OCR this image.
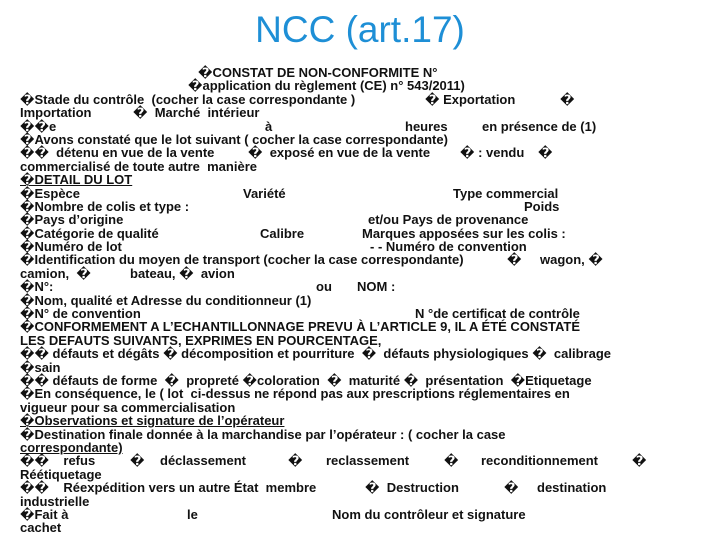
NCC (art.17)
�CONSTAT DE NON-CONFORMITE N°
�application du règlement (CE) n° 543/2011)
�Stade du contrôle  (cocher la case correspondante )	� Exportation	�
Importation	�  Marché  intérieur
��e	à	heures	en présence de (1)
�Avons constaté que le lot suivant ( cocher la case correspondante)
��  détenu en vue de la vente	�  exposé en vue de la vente � : vendu �
commercialisé de toute autre  manière
�DETAIL DU LOT
�Espèce	Variété	Type commercial
�Nombre de colis et type :	Poids
�Pays d’origine	et/ou Pays de provenance
�Catégorie de qualité	Calibre	Marques apposées sur les colis :
�Numéro de lot	- - Numéro de convention
�Identification du moyen de transport (cocher la case correspondante)	� wagon, �
camion,  �	bateau, �  avion
�N°:	ou NOM :
�Nom, qualité et Adresse du conditionneur (1)
�N° de convention	N °de certificat de contrôle
�CONFORMEMENT A L’ECHANTILLONNAGE PREVU À L’ARTICLE 9, IL A ÉTÉ CONSTATÉ
LES DEFAUTS SUIVANTS, EXPRIMES EN POURCENTAGE,
�� défauts et dégâts � décomposition et pourriture  �  défauts physiologiques �  calibrage
�sain
�� défauts de forme  �  propreté �coloration  �  maturité �  présentation  �Etiquetage
�En conséquence, le ( lot  ci-dessus ne répond pas aux prescriptions réglementaires en
vigueur pour sa commercialisation
�Observations et signature de l’opérateur
�Destination finale donnée à la marchandise par l’opérateur : ( cocher la case
correspondante)
��    refus	� déclassement	� reclassement	� reconditionnement	�
Réétiquetage
��    Réexpédition vers un autre État  membre	�  Destruction	� destination
industrielle
�Fait à	le	Nom du contrôleur et signature
cachet
